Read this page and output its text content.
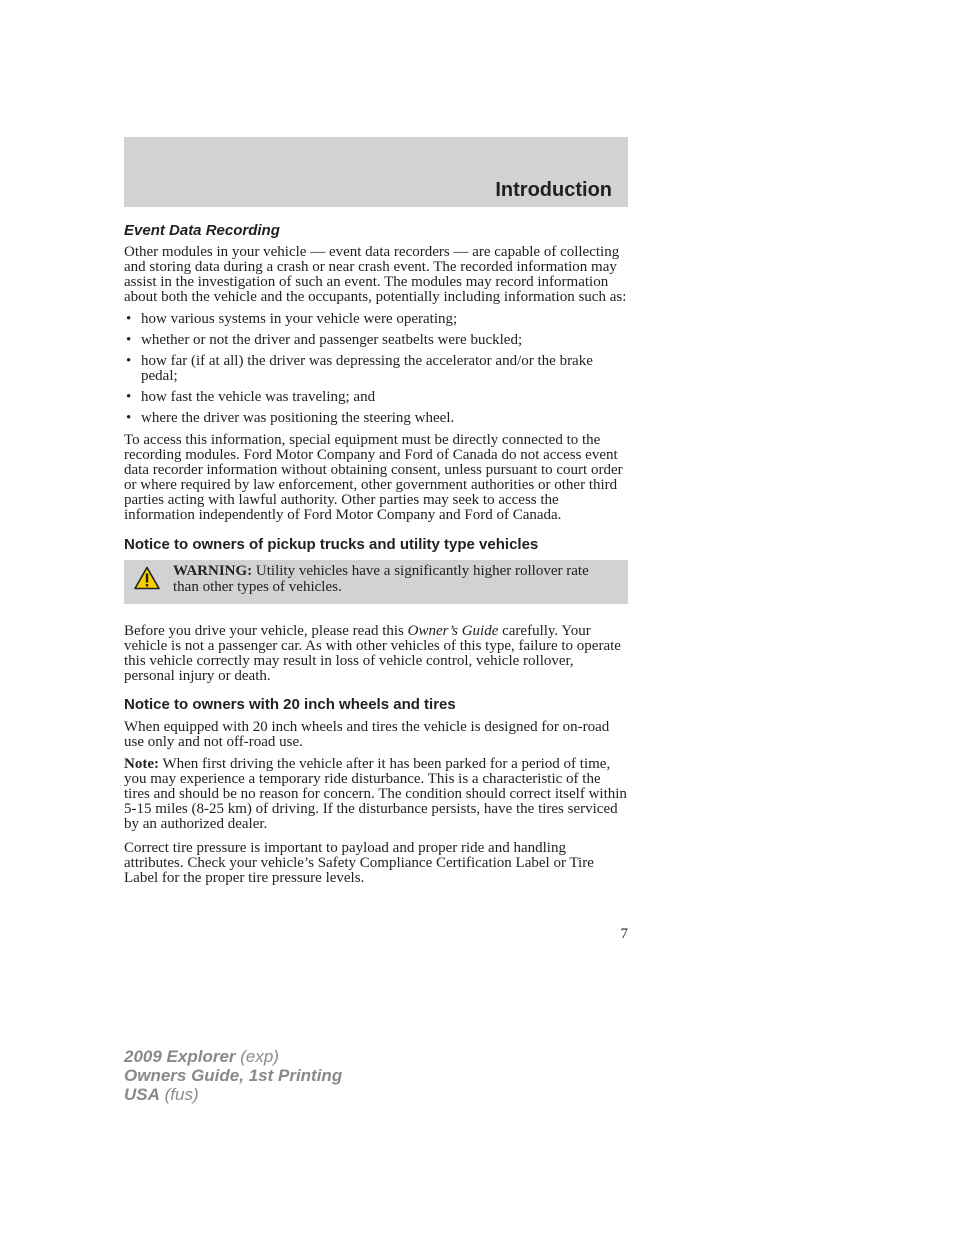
Introduction
Event Data Recording

Other modules in your vehicle — event data recorders — are capable of collecting and storing data during a crash or near crash event. The recorded information may assist in the investigation of such an event. The modules may record information about both the vehicle and the occupants, potentially including information such as:

• how various systems in your vehicle were operating;
• whether or not the driver and passenger seatbelts were buckled;
• how far (if at all) the driver was depressing the accelerator and/or the brake pedal;
• how fast the vehicle was traveling; and
• where the driver was positioning the steering wheel.

To access this information, special equipment must be directly connected to the recording modules. Ford Motor Company and Ford of Canada do not access event data recorder information without obtaining consent, unless pursuant to court order or where required by law enforcement, other government authorities or other third parties acting with lawful authority. Other parties may seek to access the information independently of Ford Motor Company and Ford of Canada.

Notice to owners of pickup trucks and utility type vehicles
WARNING: Utility vehicles have a significantly higher rollover rate than other types of vehicles.

Before you drive your vehicle, please read this Owner’s Guide carefully. Your vehicle is not a passenger car. As with other vehicles of this type, failure to operate this vehicle correctly may result in loss of vehicle control, vehicle rollover, personal injury or death.

Notice to owners with 20 inch wheels and tires

When equipped with 20 inch wheels and tires the vehicle is designed for on-road use only and not off-road use.

Note: When first driving the vehicle after it has been parked for a period of time, you may experience a temporary ride disturbance. This is a characteristic of the tires and should be no reason for concern. The condition should correct itself within 5-15 miles (8-25 km) of driving. If the disturbance persists, have the tires serviced by an authorized dealer.

Correct tire pressure is important to payload and proper ride and handling attributes. Check your vehicle’s Safety Compliance Certification Label or Tire Label for the proper tire pressure levels.

7
2009 Explorer (exp)
Owners Guide, 1st Printing
USA (fus)
